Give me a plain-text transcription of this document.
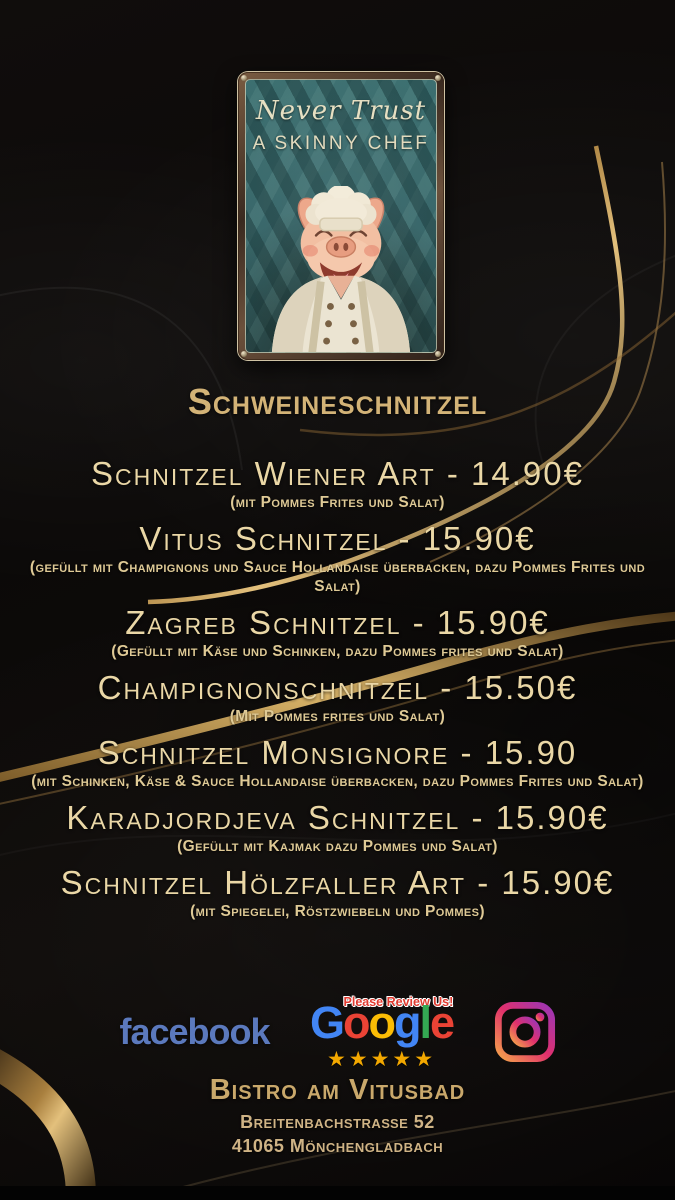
Never Trust
A SKINNY CHEF
Schweineschnitzel
Schnitzel Wiener Art - 14.90€
(mit Pommes Frites und Salat)
Vitus Schnitzel - 15.90€
(gefüllt mit Champignons und Sauce Hollandaise überbacken, dazu Pommes Frites und Salat)
Zagreb Schnitzel - 15.90€
(Gefüllt mit Käse und Schinken, dazu Pommes frites und Salat)
Champignonschnitzel - 15.50€
(Mit Pommes frites und Salat)
Schnitzel Monsignore - 15.90
(mit Schinken, Käse & Sauce Hollandaise überbacken, dazu Pommes Frites und Salat)
Karadjordjeva Schnitzel - 15.90€
(Gefüllt mit Kajmak dazu Pommes und Salat)
Schnitzel Hölzfaller Art - 15.90€
(mit Spiegelei, Röstzwiebeln und Pommes)
facebook
Please Review Us!
Google
★★★★★
Bistro am Vitusbad
Breitenbachstraße 52
41065 Mönchengladbach
